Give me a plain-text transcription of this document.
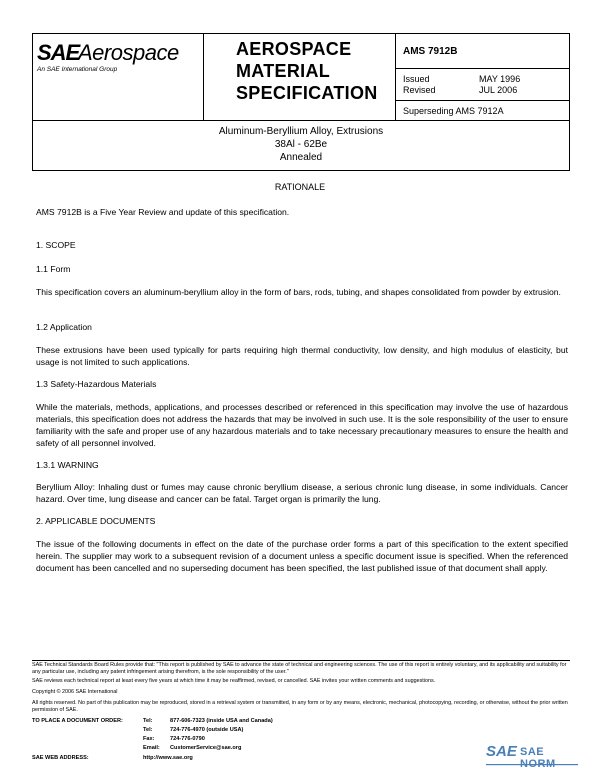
SAE
Aerospace
An SAE International Group
AEROSPACE
MATERIAL
SPECIFICATION
AMS 7912B
Issued	MAY 1996
Revised	JUL 2006
Superseding AMS 7912A
Aluminum-Beryllium Alloy, Extrusions
38Al - 62Be
Annealed
RATIONALE
AMS 7912B is a Five Year Review and update of this specification.
1. SCOPE
1.1 Form
This specification covers an aluminum-beryllium alloy in the form of bars, rods, tubing, and shapes consolidated from powder by extrusion.
1.2 Application
These extrusions have been used typically for parts requiring high thermal conductivity, low density, and high modulus of elasticity, but usage is not limited to such applications.
1.3 Safety-Hazardous Materials
While the materials, methods, applications, and processes described or referenced in this specification may involve the use of hazardous materials, this specification does not address the hazards that may be involved in such use. It is the sole responsibility of the user to ensure familiarity with the safe and proper use of any hazardous materials and to take necessary precautionary measures to ensure the health and safety of all personnel involved.
1.3.1 WARNING
Beryllium Alloy: Inhaling dust or fumes may cause chronic beryllium disease, a serious chronic lung disease, in some individuals. Cancer hazard. Over time, lung disease and cancer can be fatal. Target organ is primarily the lung.
2. APPLICABLE DOCUMENTS
The issue of the following documents in effect on the date of the purchase order forms a part of this specification to the extent specified herein. The supplier may work to a subsequent revision of a document unless a specific document issue is specified. When the referenced document has been cancelled and no superseding document has been specified, the last published issue of that document shall apply.
SAE Technical Standards Board Rules provide that: "This report is published by SAE to advance the state of technical and engineering sciences. The use of this report is entirely voluntary, and its applicability and suitability for any particular use, including any patent infringement arising therefrom, is the sole responsibility of the user."
SAE reviews each technical report at least every five years at which time it may be reaffirmed, revised, or cancelled. SAE invites your written comments and suggestions.
Copyright © 2006 SAE International
All rights reserved. No part of this publication may be reproduced, stored in a retrieval system or transmitted, in any form or by any means, electronic, mechanical, photocopying, recording, or otherwise, without the prior written permission of SAE.
TO PLACE A DOCUMENT ORDER:	Tel:	877-606-7323 (inside USA and Canada)
Tel:	724-776-4970 (outside USA)
Fax:	724-776-0790
Email: CustomerService@sae.org
SAE WEB ADDRESS:	http://www.sae.org	SAE SAE NORM
